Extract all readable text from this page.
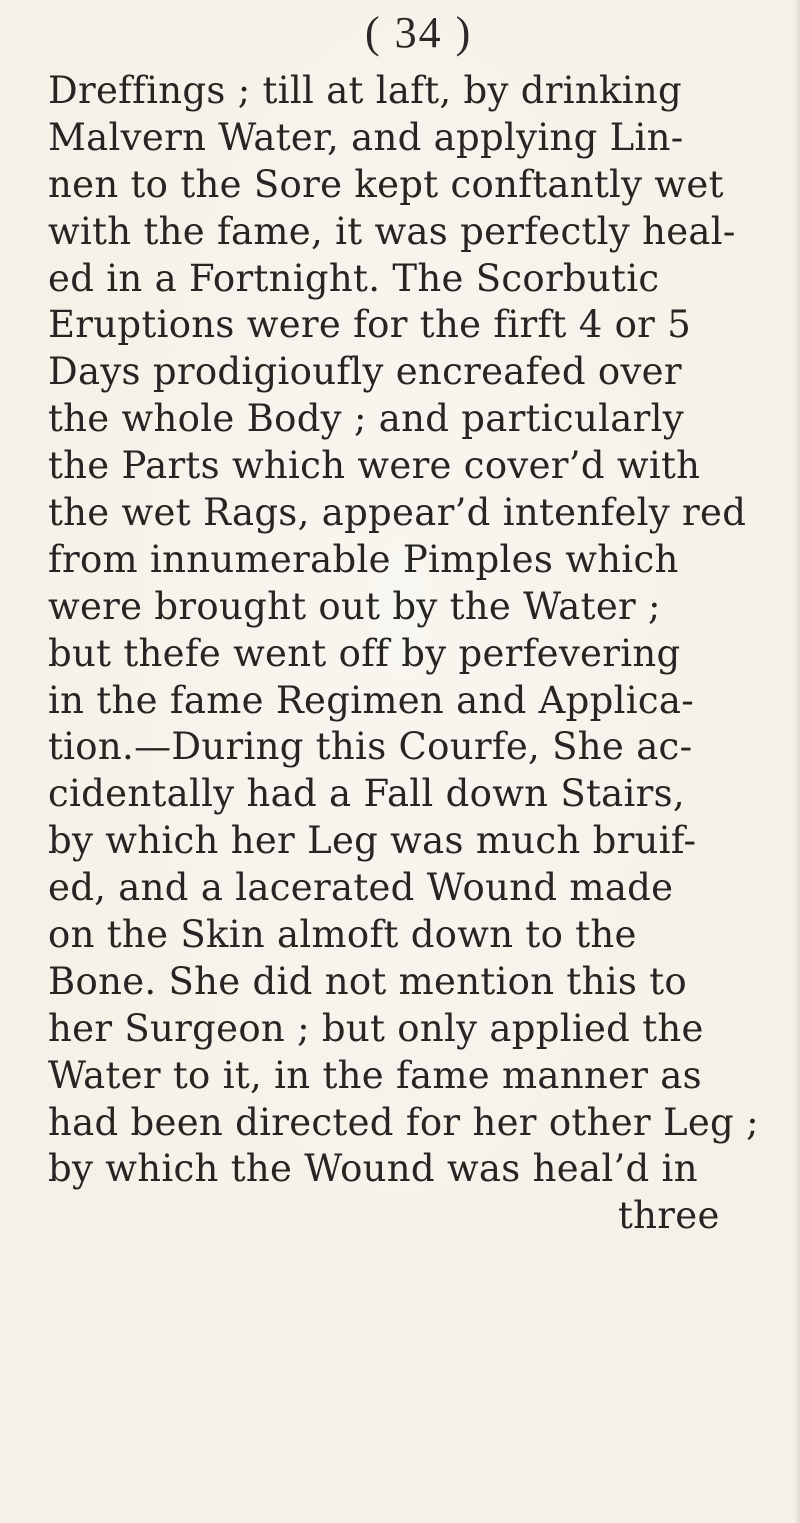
( 34 )
Dreffings ; till at laft, by drinking
Malvern Water, and applying Lin-
nen to the Sore kept conftantly wet
with the fame, it was perfectly heal-
ed in a Fortnight. The Scorbutic
Eruptions were for the firft 4 or 5
Days prodigioufly encreafed over
the whole Body ; and particularly
the Parts which were cover’d with
the wet Rags, appear’d intenfely red
from innumerable Pimples which
were brought out by the Water ;
but thefe went off by perfevering
in the fame Regimen and Applica-
tion.—During this Courfe, She ac-
cidentally had a Fall down Stairs,
by which her Leg was much bruif-
ed, and a lacerated Wound made
on the Skin almoft down to the
Bone. She did not mention this to
her Surgeon ; but only applied the
Water to it, in the fame manner as
had been directed for her other Leg ;
by which the Wound was heal’d in
three
